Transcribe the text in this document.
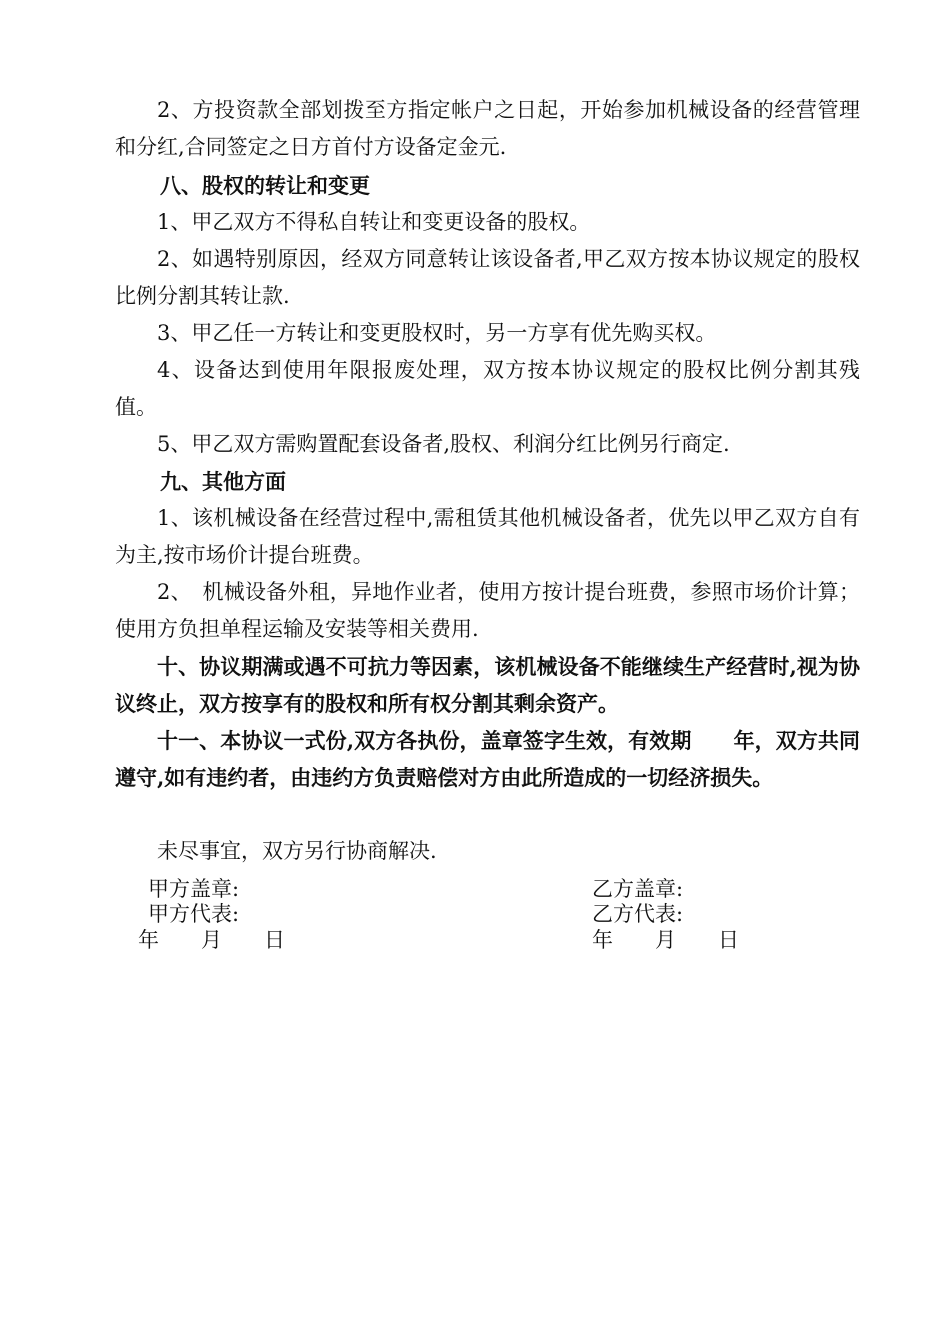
2、方投资款全部划拨至方指定帐户之日起，开始参加机械设备的经营管理和分红,合同签定之日方首付方设备定金元.

八、股权的转让和变更

1、甲乙双方不得私自转让和变更设备的股权。

2、如遇特别原因，经双方同意转让该设备者,甲乙双方按本协议规定的股权比例分割其转让款.

3、甲乙任一方转让和变更股权时，另一方享有优先购买权。

4、设备达到使用年限报废处理，双方按本协议规定的股权比例分割其残值。

5、甲乙双方需购置配套设备者,股权、利润分红比例另行商定.

九、其他方面

1、该机械设备在经营过程中,需租赁其他机械设备者，优先以甲乙双方自有为主,按市场价计提台班费。

2、　机械设备外租，异地作业者，使用方按计提台班费，参照市场价计算；使用方负担单程运输及安装等相关费用.

十、协议期满或遇不可抗力等因素，该机械设备不能继续生产经营时,视为协议终止，双方按享有的股权和所有权分割其剩余资产。

十一、本协议一式份,双方各执份，盖章签字生效，有效期　　年，双方共同遵守,如有违约者，由违约方负责赔偿对方由此所造成的一切经济损失。

未尽事宜，双方另行协商解决.

甲方盖章:

甲方代表:

年　　月　　日

乙方盖章:

乙方代表:

年　　月　　日
